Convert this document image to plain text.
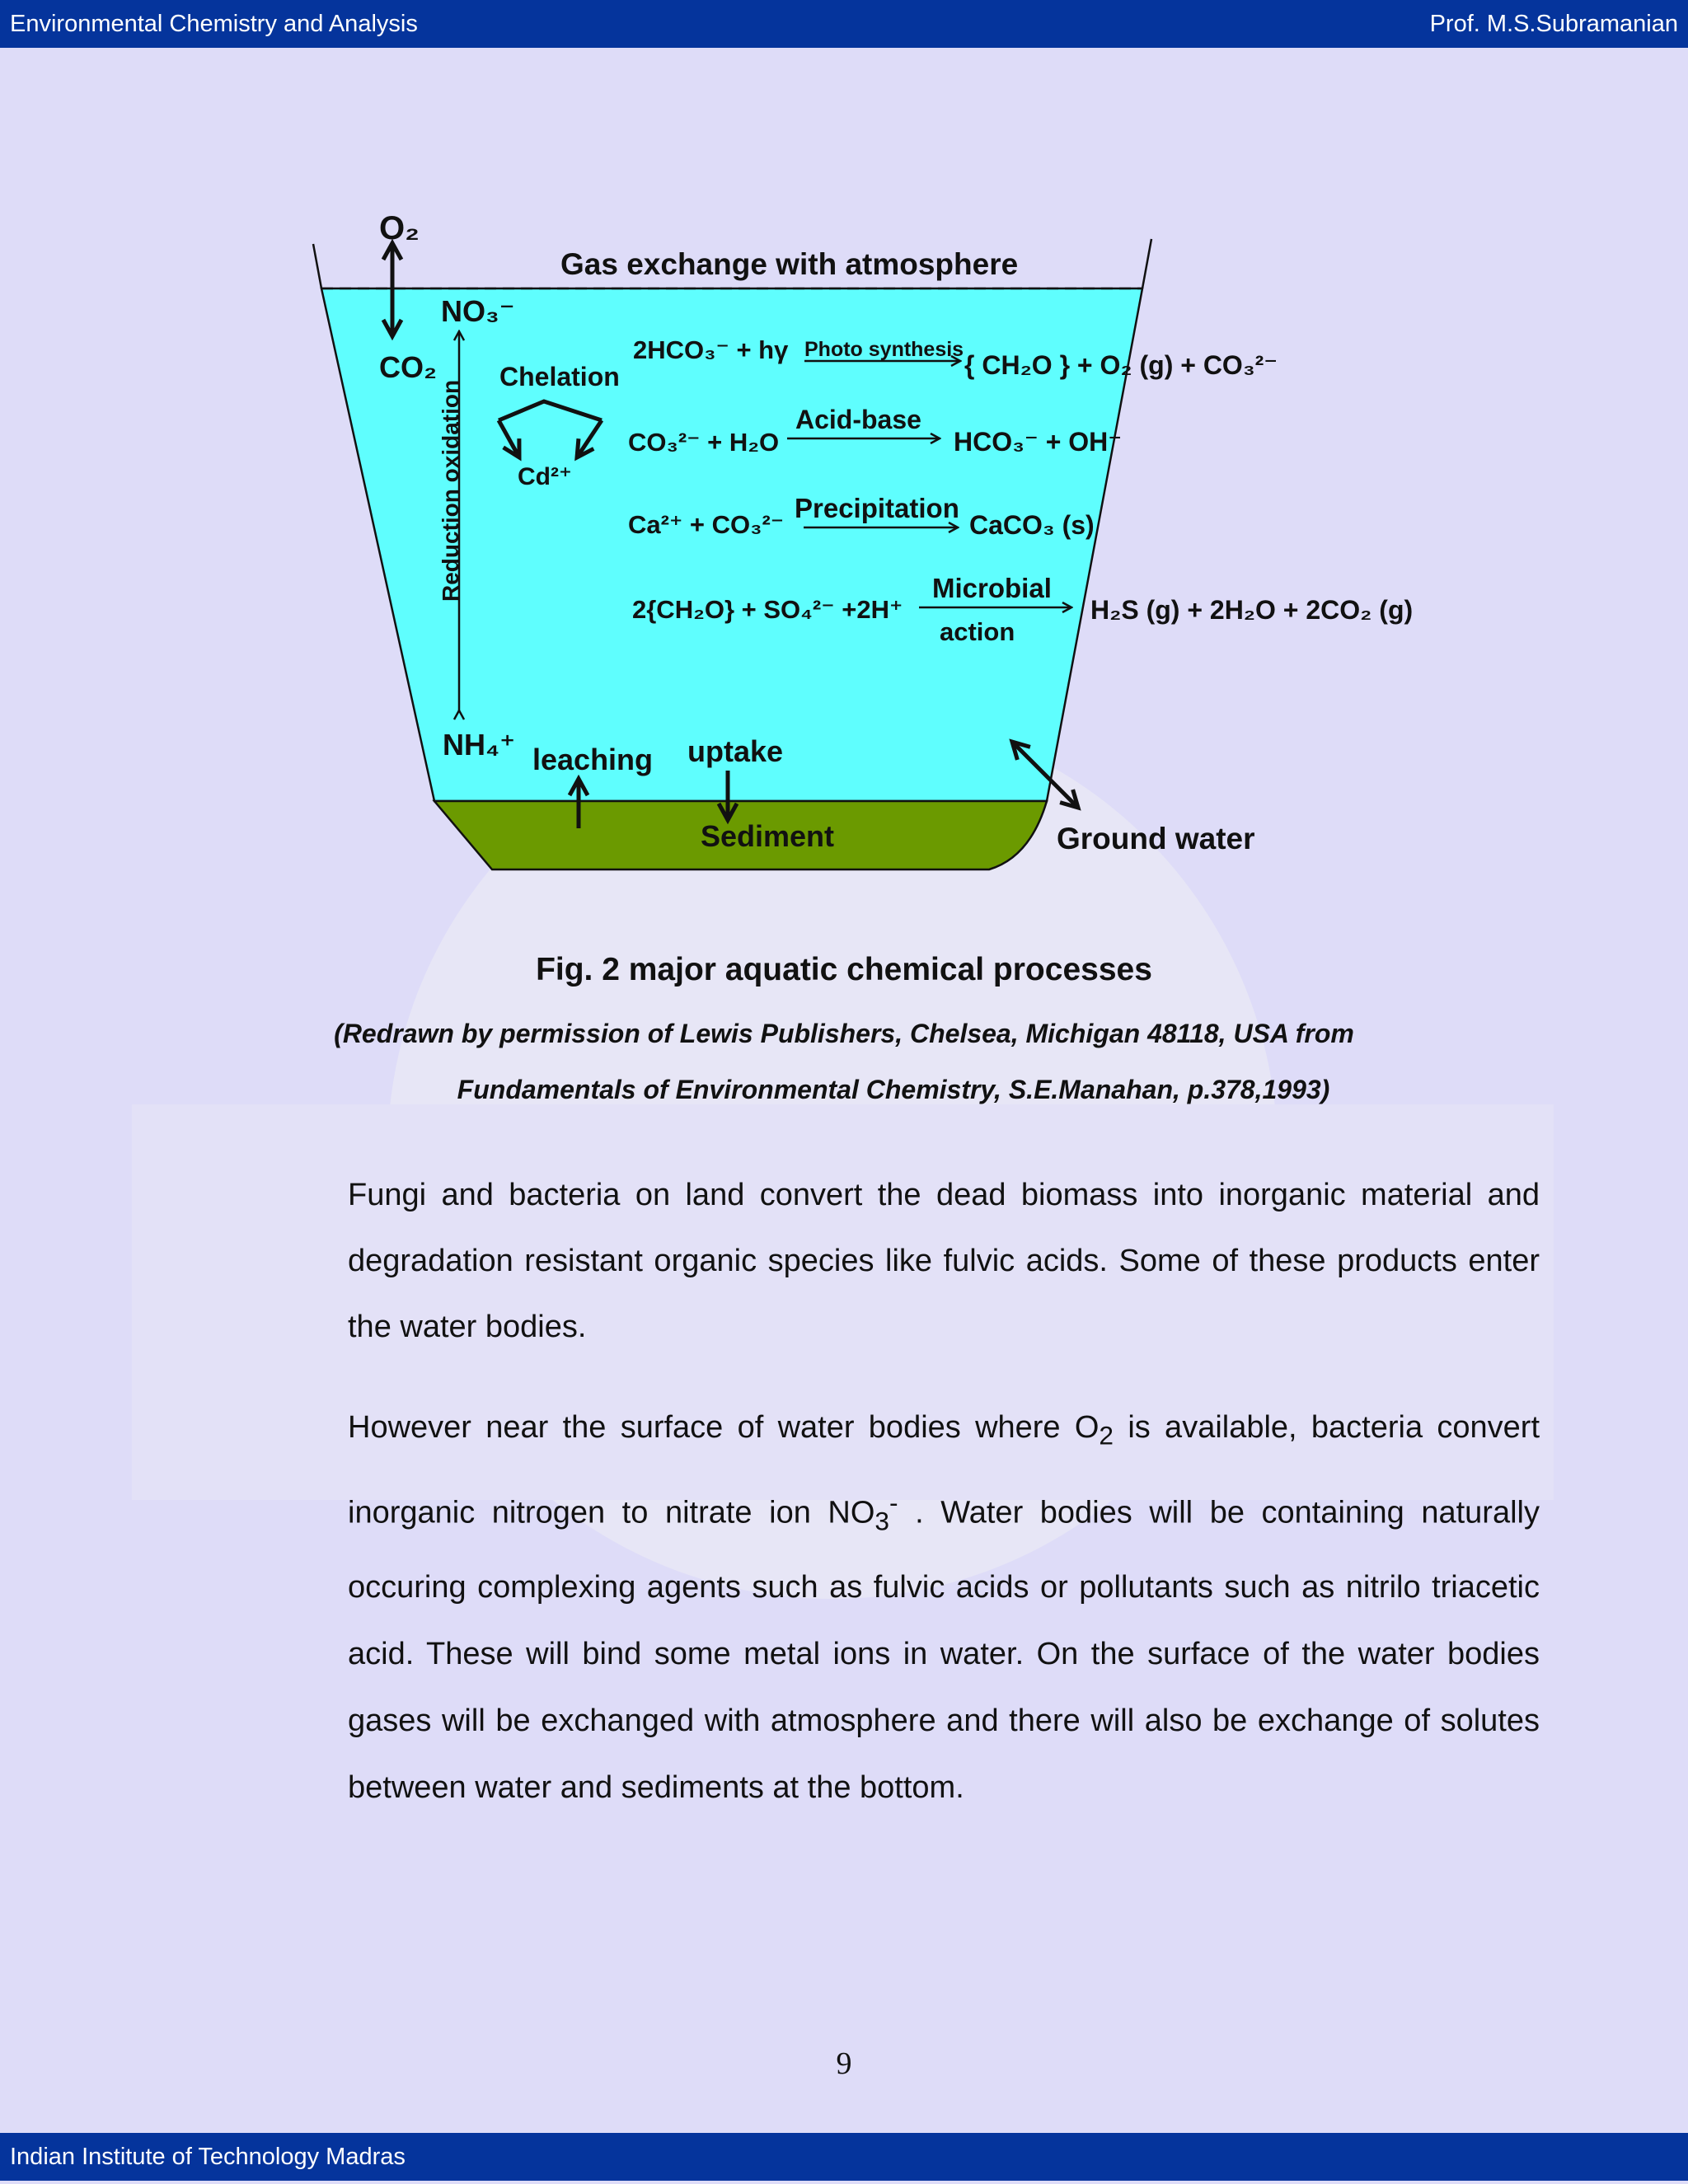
Environmental Chemistry and Analysis	Prof. M.S.Subramanian
O₂
CO₂
Gas exchange with atmosphere
NO₃⁻
Reduction oxidation
NH₄⁺
Chelation
Cd²⁺
2HCO₃⁻ + hγ Photo synthesis
{ CH₂O } + O₂ (g) + CO₃²⁻
CO₃²⁻ + H₂O
Acid-base
HCO₃⁻ + OH⁻
Ca²⁺ + CO₃²⁻
Precipitation
CaCO₃ (s)
2{CH₂O} + SO₄²⁻ +2H⁺
Microbial
action
H₂S (g) + 2H₂O + 2CO₂ (g)
leaching uptake
Sediment	Ground water
Fig. 2 major aquatic chemical processes
(Redrawn by permission of Lewis Publishers, Chelsea, Michigan 48118, USA from
Fundamentals of Environmental Chemistry, S.E.Manahan, p.378,1993)

Fungi and bacteria on land convert the dead biomass into inorganic material and degradation resistant organic species like fulvic acids. Some of these products enter the water bodies.

However near the surface of water bodies where $O_2$ is available, bacteria convert inorganic nitrogen to nitrate ion $NO_3^-$ . Water bodies will be containing naturally occuring complexing agents such as fulvic acids or pollutants such as nitrilo triacetic acid. These will bind some metal ions in water. On the surface of the water bodies gases will be exchanged with atmosphere and there will also be exchange of solutes between water and sediments at the bottom.

9
Indian Institute of Technology Madras
